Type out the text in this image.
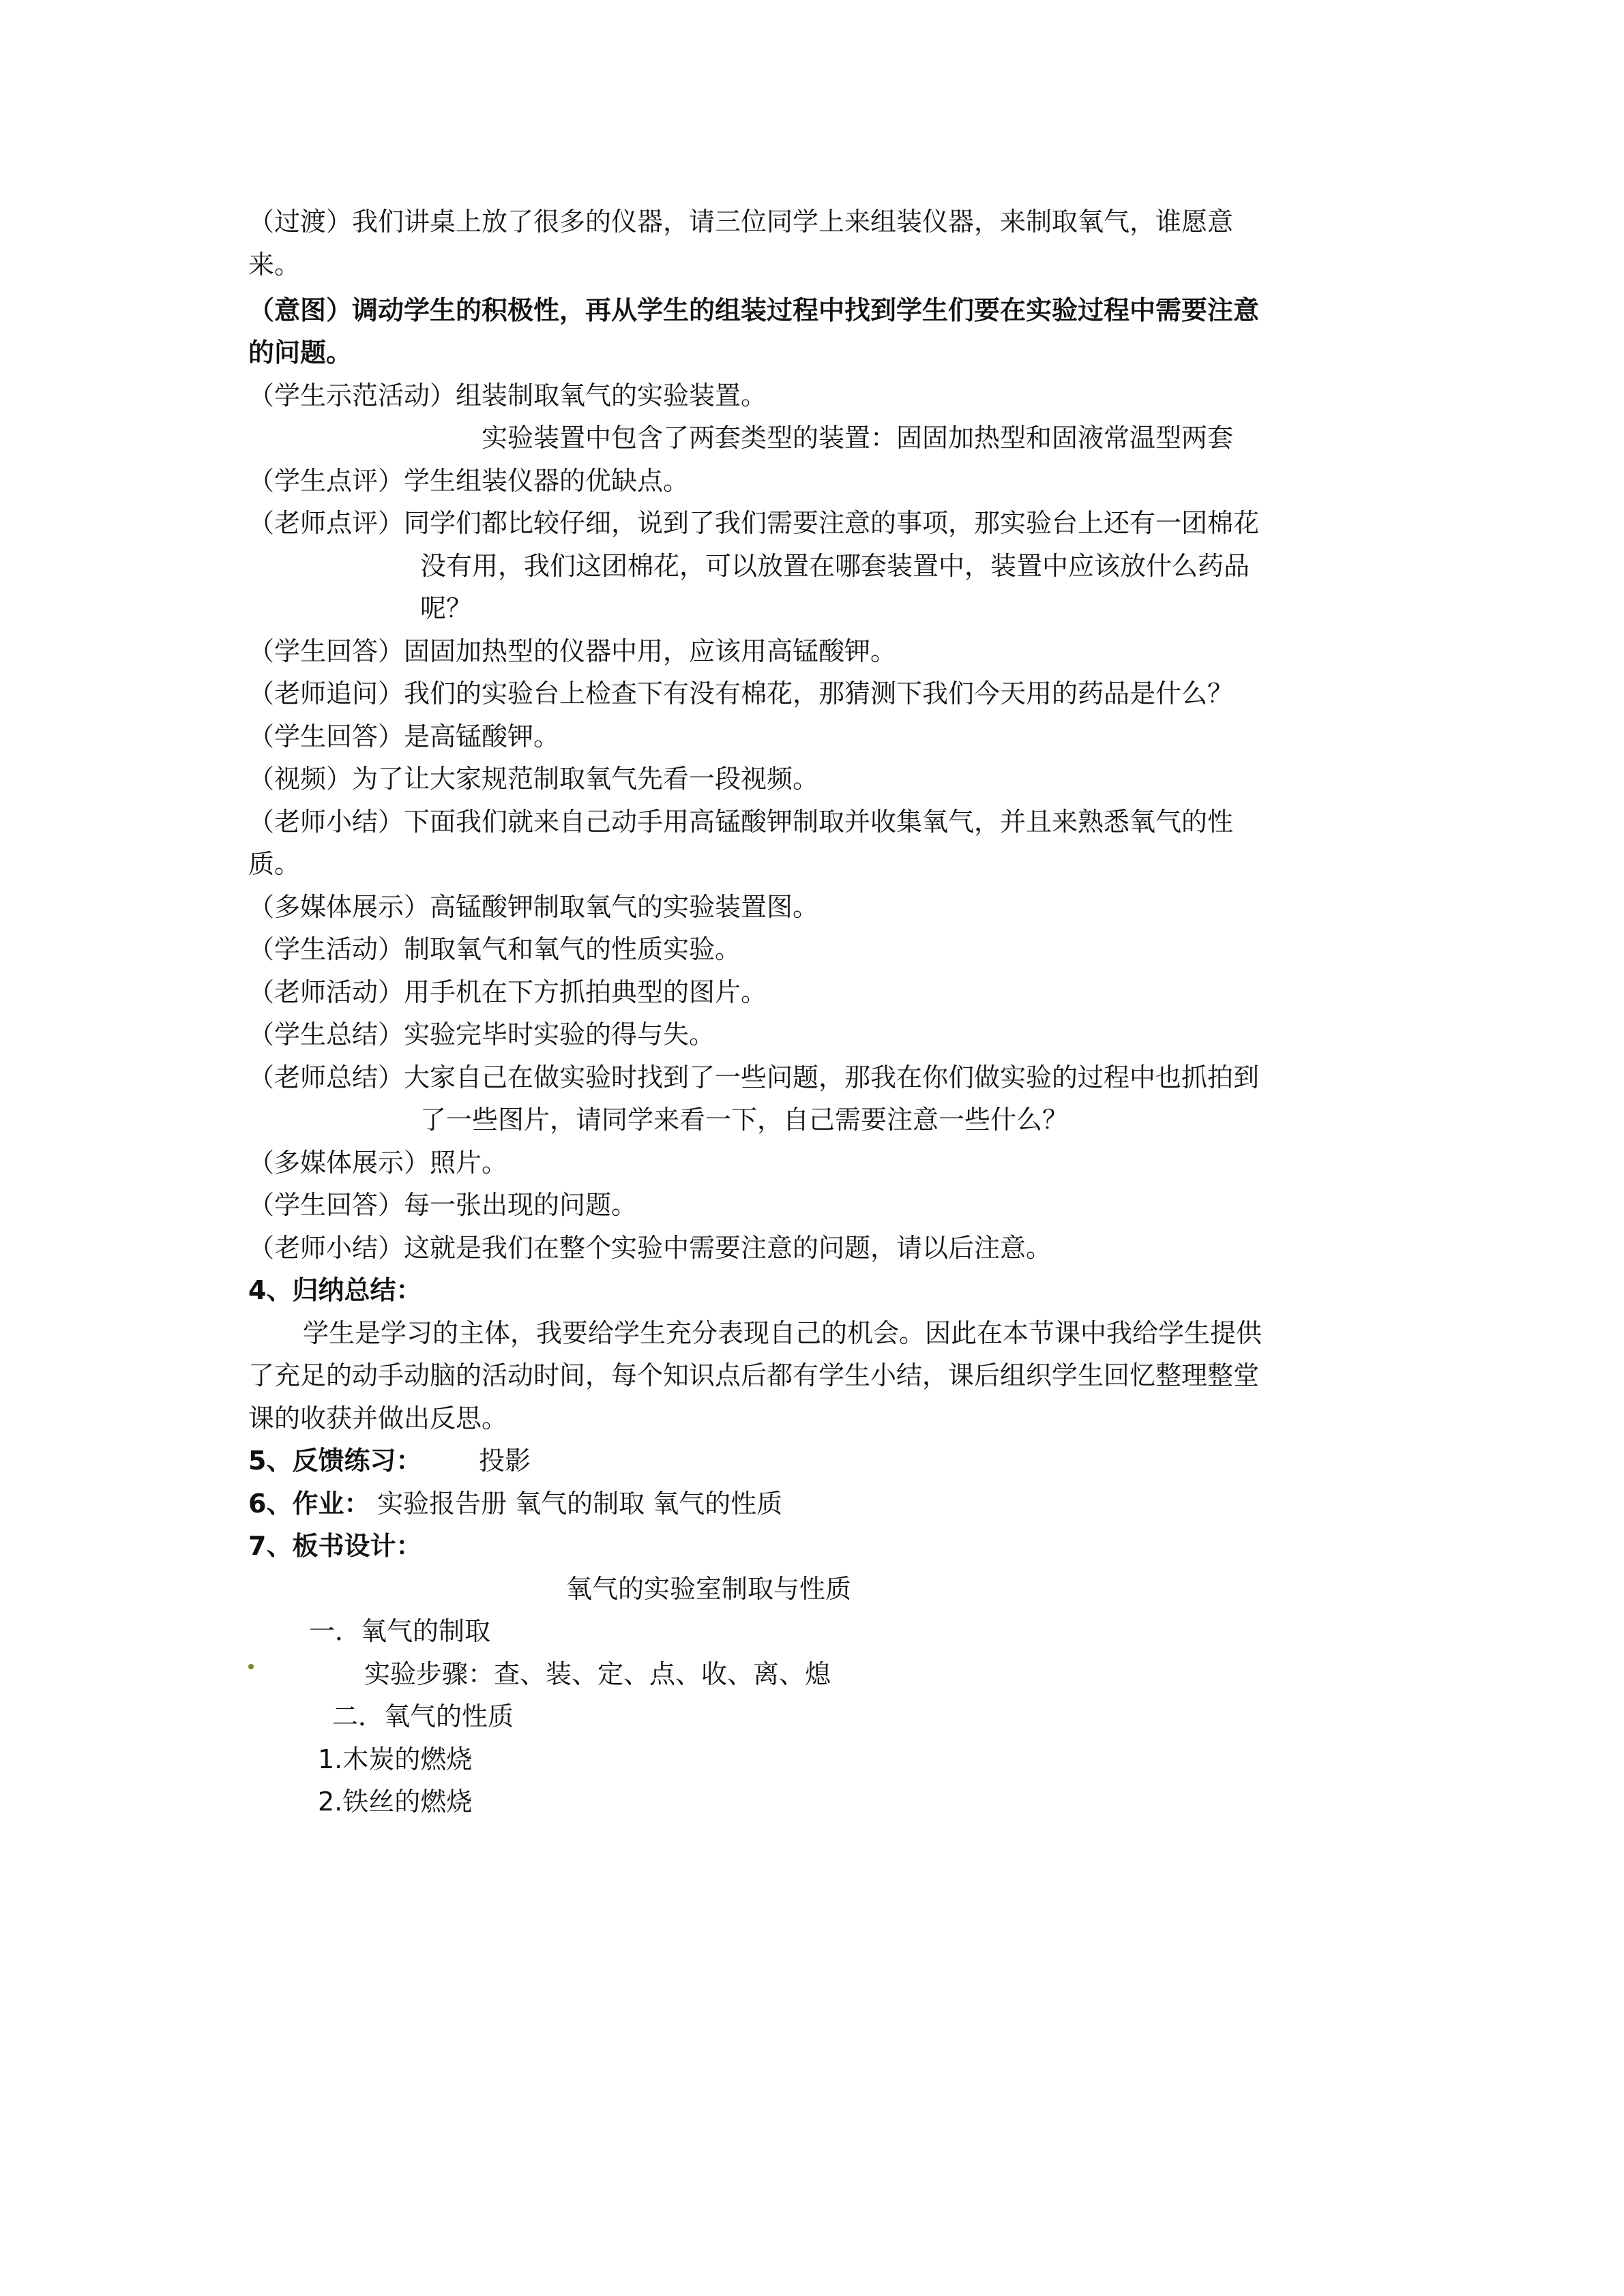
（过渡）我们讲桌上放了很多的仪器，请三位同学上来组装仪器，来制取氧气，谁愿意
来。
（意图）调动学生的积极性，再从学生的组装过程中找到学生们要在实验过程中需要注意
的问题。
（学生示范活动）组装制取氧气的实验装置。
实验装置中包含了两套类型的装置：固固加热型和固液常温型两套
（学生点评）学生组装仪器的优缺点。
（老师点评）同学们都比较仔细，说到了我们需要注意的事项，那实验台上还有一团棉花
没有用，我们这团棉花，可以放置在哪套装置中，装置中应该放什么药品
呢？
（学生回答）固固加热型的仪器中用，应该用高锰酸钾。
（老师追问）我们的实验台上检查下有没有棉花，那猜测下我们今天用的药品是什么？
（学生回答）是高锰酸钾。
（视频）为了让大家规范制取氧气先看一段视频。
（老师小结）下面我们就来自己动手用高锰酸钾制取并收集氧气，并且来熟悉氧气的性
质。
（多媒体展示）高锰酸钾制取氧气的实验装置图。
（学生活动）制取氧气和氧气的性质实验。
（老师活动）用手机在下方抓拍典型的图片。
（学生总结）实验完毕时实验的得与失。
（老师总结）大家自己在做实验时找到了一些问题，那我在你们做实验的过程中也抓拍到
了一些图片，请同学来看一下，自己需要注意一些什么？
（多媒体展示）照片。
（学生回答）每一张出现的问题。
（老师小结）这就是我们在整个实验中需要注意的问题，请以后注意。
4、归纳总结：
学生是学习的主体，我要给学生充分表现自己的机会。因此在本节课中我给学生提供
了充足的动手动脑的活动时间，每个知识点后都有学生小结，课后组织学生回忆整理整堂
课的收获并做出反思。
5、反馈练习： 投影
6、作业： 实验报告册 氧气的制取 氧气的性质
7、板书设计：
氧气的实验室制取与性质
一．氧气的制取
实验步骤：查、装、定、点、收、离、熄
二．氧气的性质
1.木炭的燃烧
2.铁丝的燃烧
